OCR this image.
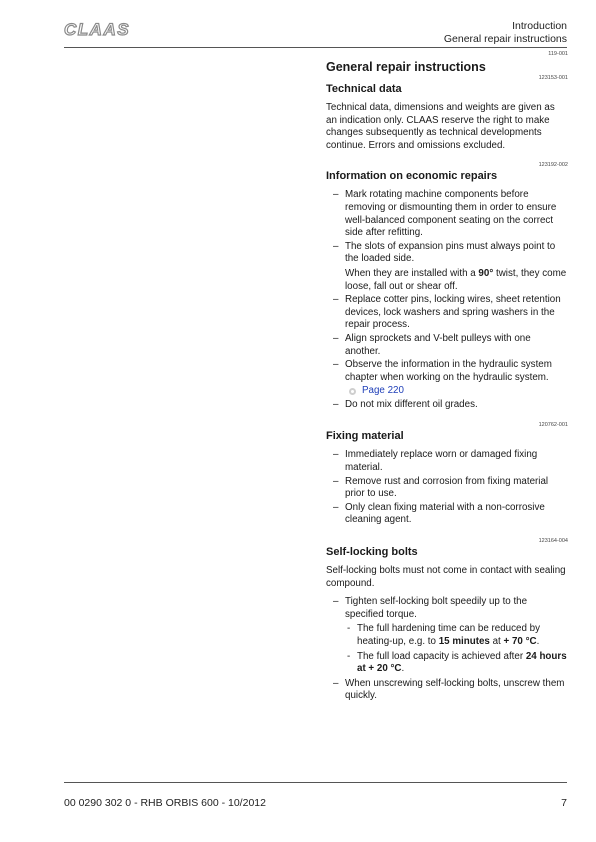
CLAAS	Introduction
General repair instructions
119-001
General repair instructions
123153-001
Technical data

Technical data, dimensions and weights are given as an indication only. CLAAS reserve the right to make changes subsequently as technical developments continue. Errors and omissions excluded.

123192-002
Information on economic repairs
– Mark rotating machine components before removing or dismounting them in order to ensure well-balanced component seating on the correct side after refitting.
– The slots of expansion pins must always point to the loaded side.
When they are installed with a 90° twist, they come loose, fall out or shear off.
– Replace cotter pins, locking wires, sheet retention devices, lock washers and spring washers in the repair process.
– Align sprockets and V-belt pulleys with one another.
– Observe the information in the hydraulic system chapter when working on the hydraulic system.
Page 220
– Do not mix different oil grades.
120762-001
Fixing material
– Immediately replace worn or damaged fixing material.
– Remove rust and corrosion from fixing material prior to use.
– Only clean fixing material with a non-corrosive cleaning agent.
123164-004
Self-locking bolts

Self-locking bolts must not come in contact with sealing compound.

– Tighten self-locking bolt speedily up to the specified torque.
- The full hardening time can be reduced by heating-up, e.g. to 15 minutes at + 70 °C.
- The full load capacity is achieved after 24 hours at + 20 °C.
– When unscrewing self-locking bolts, unscrew them quickly.
00 0290 302 0 - RHB ORBIS 600 - 10/2012	7
